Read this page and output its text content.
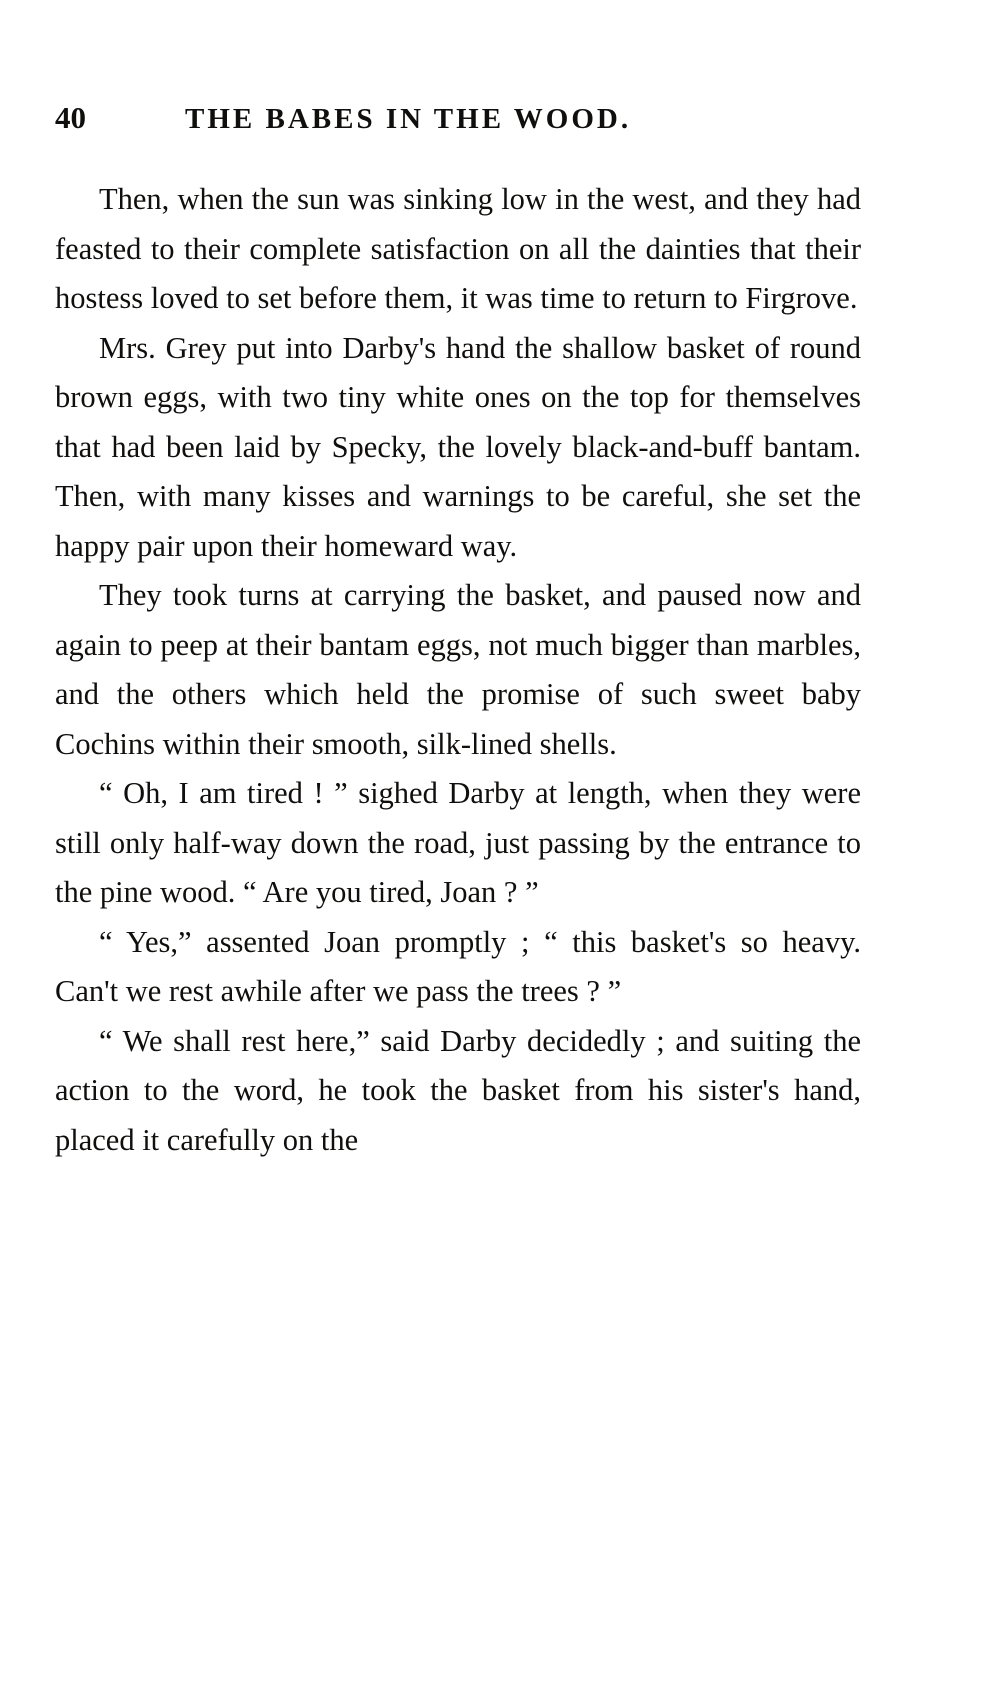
40	THE BABES IN THE WOOD.

Then, when the sun was sinking low in the west, and they had feasted to their complete satisfaction on all the dainties that their hostess loved to set before them, it was time to return to Firgrove.

Mrs. Grey put into Darby's hand the shallow basket of round brown eggs, with two tiny white ones on the top for themselves that had been laid by Specky, the lovely black-and-buff bantam. Then, with many kisses and warnings to be careful, she set the happy pair upon their homeward way.

They took turns at carrying the basket, and paused now and again to peep at their bantam eggs, not much bigger than marbles, and the others which held the promise of such sweet baby Cochins within their smooth, silk-lined shells.

“ Oh, I am tired ! ” sighed Darby at length, when they were still only half-way down the road, just passing by the entrance to the pine wood. “ Are you tired, Joan ? ”

“ Yes,” assented Joan promptly ; “ this basket's so heavy. Can't we rest awhile after we pass the trees ? ”

“ We shall rest here,” said Darby decidedly ; and suiting the action to the word, he took the basket from his sister's hand, placed it carefully on the
